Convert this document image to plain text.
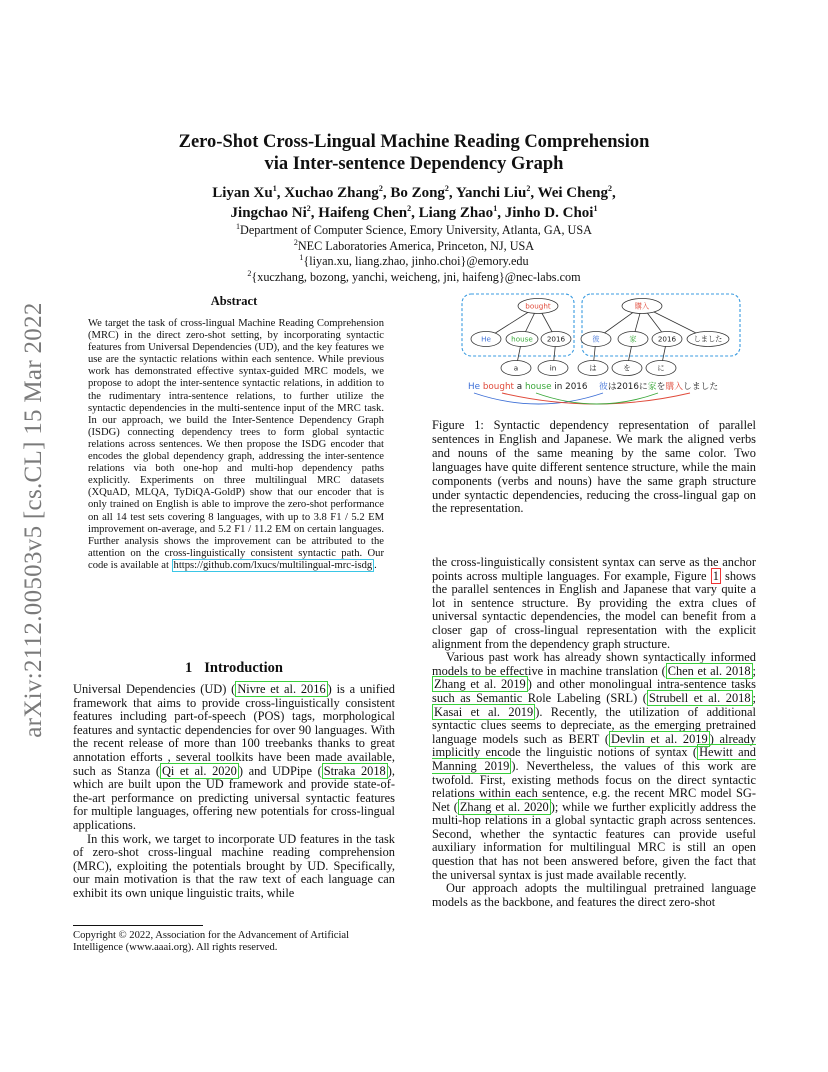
arXiv:2112.00503v5 [cs.CL] 15 Mar 2022
Zero-Shot Cross-Lingual Machine Reading Comprehension
via Inter-sentence Dependency Graph
Liyan Xu$^1$, Xuchao Zhang$^2$, Bo Zong$^2$, Yanchi Liu$^2$, Wei Cheng$^2$,
Jingchao Ni$^2$, Haifeng Chen$^2$, Liang Zhao$^1$, Jinho D. Choi$^1$
$^1$Department of Computer Science, Emory University, Atlanta, GA, USA
$^2$NEC Laboratories America, Princeton, NJ, USA
$^1${liyan.xu, liang.zhao, jinho.choi}@emory.edu
$^2${xuczhang, bozong, yanchi, weicheng, jni, haifeng}@nec-labs.com
Abstract
We target the task of cross-lingual Machine Reading Comprehension (MRC) in the direct zero-shot setting, by incorporating syntactic features from Universal Dependencies (UD), and the key features we use are the syntactic relations within each sentence. While previous work has demonstrated effective syntax-guided MRC models, we propose to adopt the inter-sentence syntactic relations, in addition to the rudimentary intra-sentence relations, to further utilize the syntactic dependencies in the multi-sentence input of the MRC task. In our approach, we build the Inter-Sentence Dependency Graph (ISDG) connecting dependency trees to form global syntactic relations across sentences. We then propose the ISDG encoder that encodes the global dependency graph, addressing the inter-sentence relations via both one-hop and multi-hop dependency paths explicitly. Experiments on three multilingual MRC datasets (XQuAD, MLQA, TyDiQA-GoldP) show that our encoder that is only trained on English is able to improve the zero-shot performance on all 14 test sets covering 8 languages, with up to 3.8 F1 / 5.2 EM improvement on-average, and 5.2 F1 / 11.2 EM on certain languages. Further analysis shows the improvement can be attributed to the attention on the cross-linguistically consistent syntactic path. Our code is available at https://github.com/lxucs/multilingual-mrc-isdg .
1 Introduction

Universal Dependencies (UD) ( Nivre et al. 2016 ) is a unified framework that aims to provide cross-linguistically consistent features including part-of-speech (POS) tags, morphological features and syntactic dependencies for over 90 languages. With the recent release of more than 100 treebanks thanks to great annotation efforts , several toolkits have been made available, such as Stanza ( Qi et al. 2020 ) and UDPipe ( Straka 2018 ), which are built upon the UD framework and provide state-of-the-art performance on predicting universal syntactic features for multiple languages, offering new potentials for cross-lingual applications.

In this work, we target to incorporate UD features in the task of zero-shot cross-lingual machine reading comprehension (MRC), exploiting the potentials brought by UD. Specifically, our main motivation is that the raw text of each language can exhibit its own unique linguistic traits, while

Copyright © 2022, Association for the Advancement of Artificial Intelligence (www.aaai.org). All rights reserved.
bought
He	house 2016
a	in
購入
彼	家	2016 しました
は	を	に
He bought a house in 2016 彼は2016に家を購入しました
Figure 1: Syntactic dependency representation of parallel sentences in English and Japanese. We mark the aligned verbs and nouns of the same meaning by the same color. Two languages have quite different sentence structure, while the main components (verbs and nouns) have the same graph structure under syntactic dependencies, reducing the cross-lingual gap on the representation.

the cross-linguistically consistent syntax can serve as the anchor points across multiple languages. For example, Figure 1 shows the parallel sentences in English and Japanese that vary quite a lot in sentence structure. By providing the extra clues of universal syntactic dependencies, the model can benefit from a closer gap of cross-lingual representation with the explicit alignment from the dependency graph structure.

Various past work has already shown syntactically informed models to be effective in machine translation ( Chen et al. 2018 ; Zhang et al. 2019 ) and other monolingual intra-sentence tasks such as Semantic Role Labeling (SRL) ( Strubell et al. 2018 ; Kasai et al. 2019 ). Recently, the utilization of additional syntactic clues seems to depreciate, as the emerging pretrained language models such as BERT ( Devlin et al. 2019 ) already implicitly encode the linguistic notions of syntax ( Hewitt and Manning 2019 ). Nevertheless, the values of this work are twofold. First, existing methods focus on the direct syntactic relations within each sentence, e.g. the recent MRC model SG-Net ( Zhang et al. 2020 ); while we further explicitly address the multi-hop relations in a global syntactic graph across sentences. Second, whether the syntactic features can provide useful auxiliary information for multilingual MRC is still an open question that has not been answered before, given the fact that the universal syntax is just made available recently.

Our approach adopts the multilingual pretrained language models as the backbone, and features the direct zero-shot
